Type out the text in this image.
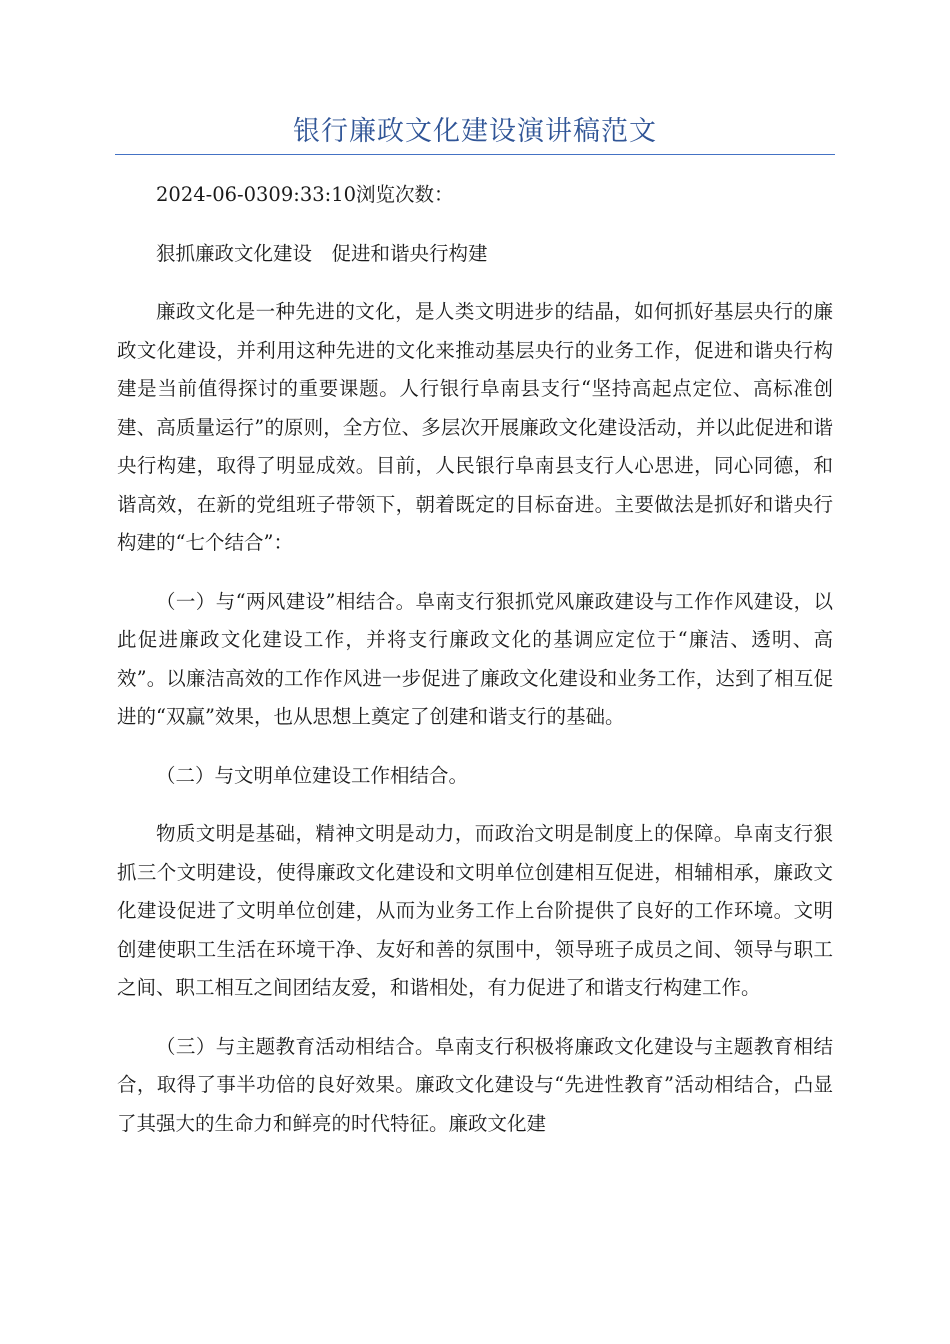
银行廉政文化建设演讲稿范文

2024-06-0309:33:10浏览次数：

狠抓廉政文化建设　促进和谐央行构建

廉政文化是一种先进的文化，是人类文明进步的结晶，如何抓好基层央行的廉政文化建设，并利用这种先进的文化来推动基层央行的业务工作，促进和谐央行构建是当前值得探讨的重要课题。人行银行阜南县支行“坚持高起点定位、高标准创建、高质量运行”的原则，全方位、多层次开展廉政文化建设活动，并以此促进和谐央行构建，取得了明显成效。目前，人民银行阜南县支行人心思进，同心同德，和谐高效，在新的党组班子带领下，朝着既定的目标奋进。主要做法是抓好和谐央行构建的“七个结合”：

（一）与“两风建设”相结合。阜南支行狠抓党风廉政建设与工作作风建设，以此促进廉政文化建设工作，并将支行廉政文化的基调应定位于“廉洁、透明、高效”。以廉洁高效的工作作风进一步促进了廉政文化建设和业务工作，达到了相互促进的“双赢”效果，也从思想上奠定了创建和谐支行的基础。

（二）与文明单位建设工作相结合。

物质文明是基础，精神文明是动力，而政治文明是制度上的保障。阜南支行狠抓三个文明建设，使得廉政文化建设和文明单位创建相互促进，相辅相承，廉政文化建设促进了文明单位创建，从而为业务工作上台阶提供了良好的工作环境。文明创建使职工生活在环境干净、友好和善的氛围中，领导班子成员之间、领导与职工之间、职工相互之间团结友爱，和谐相处，有力促进了和谐支行构建工作。

（三）与主题教育活动相结合。阜南支行积极将廉政文化建设与主题教育相结合，取得了事半功倍的良好效果。廉政文化建设与“先进性教育”活动相结合，凸显了其强大的生命力和鲜亮的时代特征。廉政文化建
